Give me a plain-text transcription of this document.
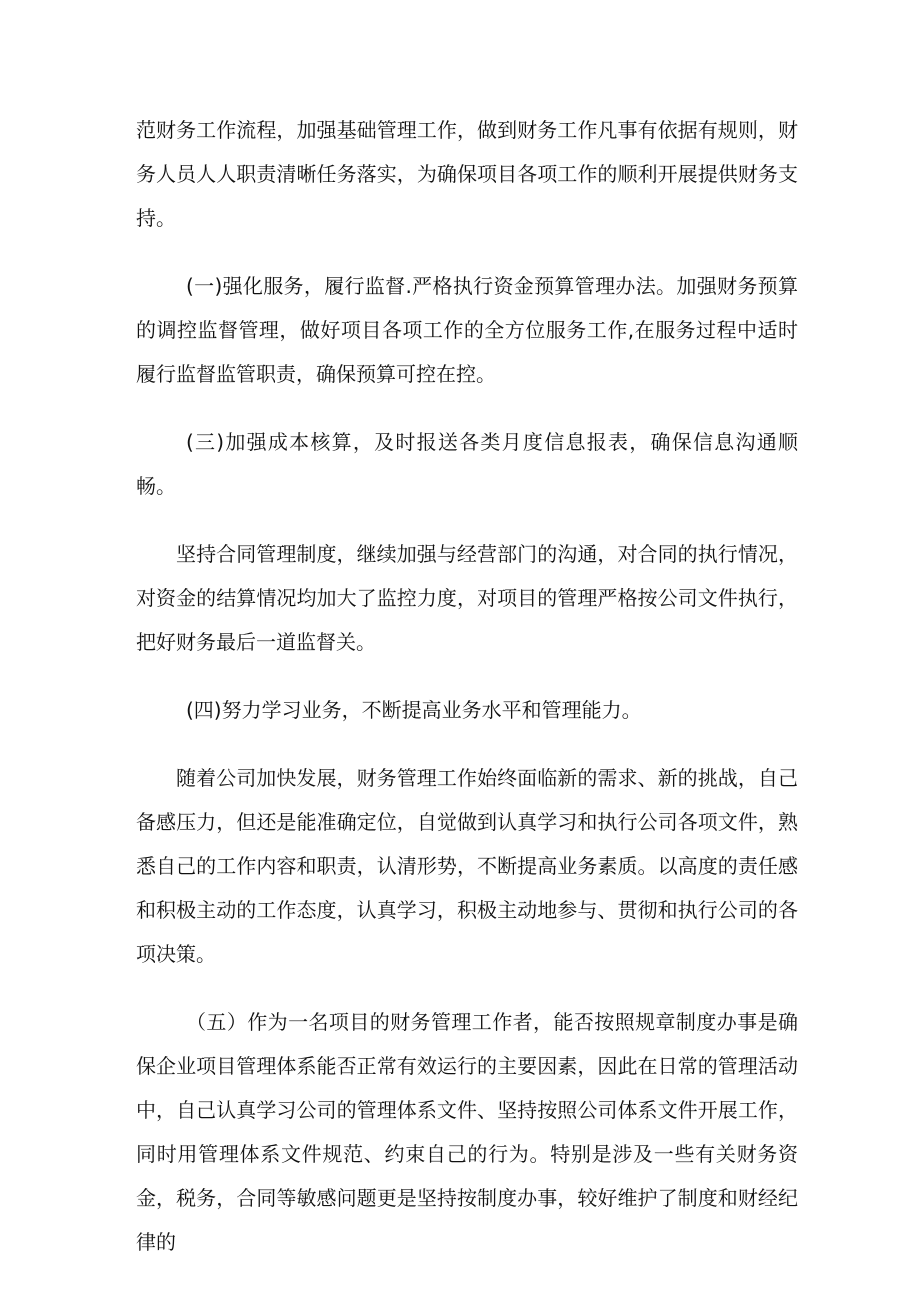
范财务工作流程，加强基础管理工作，做到财务工作凡事有依据有规则，财务人员人人职责清晰任务落实，为确保项目各项工作的顺利开展提供财务支持。

(一)强化服务，履行监督.严格执行资金预算管理办法。加强财务预算的调控监督管理，做好项目各项工作的全方位服务工作,在服务过程中适时履行监督监管职责，确保预算可控在控。

(三)加强成本核算，及时报送各类月度信息报表，确保信息沟通顺畅。

坚持合同管理制度，继续加强与经营部门的沟通，对合同的执行情况，对资金的结算情况均加大了监控力度，对项目的管理严格按公司文件执行，把好财务最后一道监督关。

(四)努力学习业务，不断提高业务水平和管理能力。

随着公司加快发展，财务管理工作始终面临新的需求、新的挑战，自己备感压力，但还是能准确定位，自觉做到认真学习和执行公司各项文件，熟悉自己的工作内容和职责，认清形势，不断提高业务素质。以高度的责任感和积极主动的工作态度，认真学习，积极主动地参与、贯彻和执行公司的各项决策。

（五）作为一名项目的财务管理工作者，能否按照规章制度办事是确保企业项目管理体系能否正常有效运行的主要因素，因此在日常的管理活动中，自己认真学习公司的管理体系文件、坚持按照公司体系文件开展工作，同时用管理体系文件规范、约束自己的行为。特别是涉及一些有关财务资金，税务，合同等敏感问题更是坚持按制度办事，较好维护了制度和财经纪律的
